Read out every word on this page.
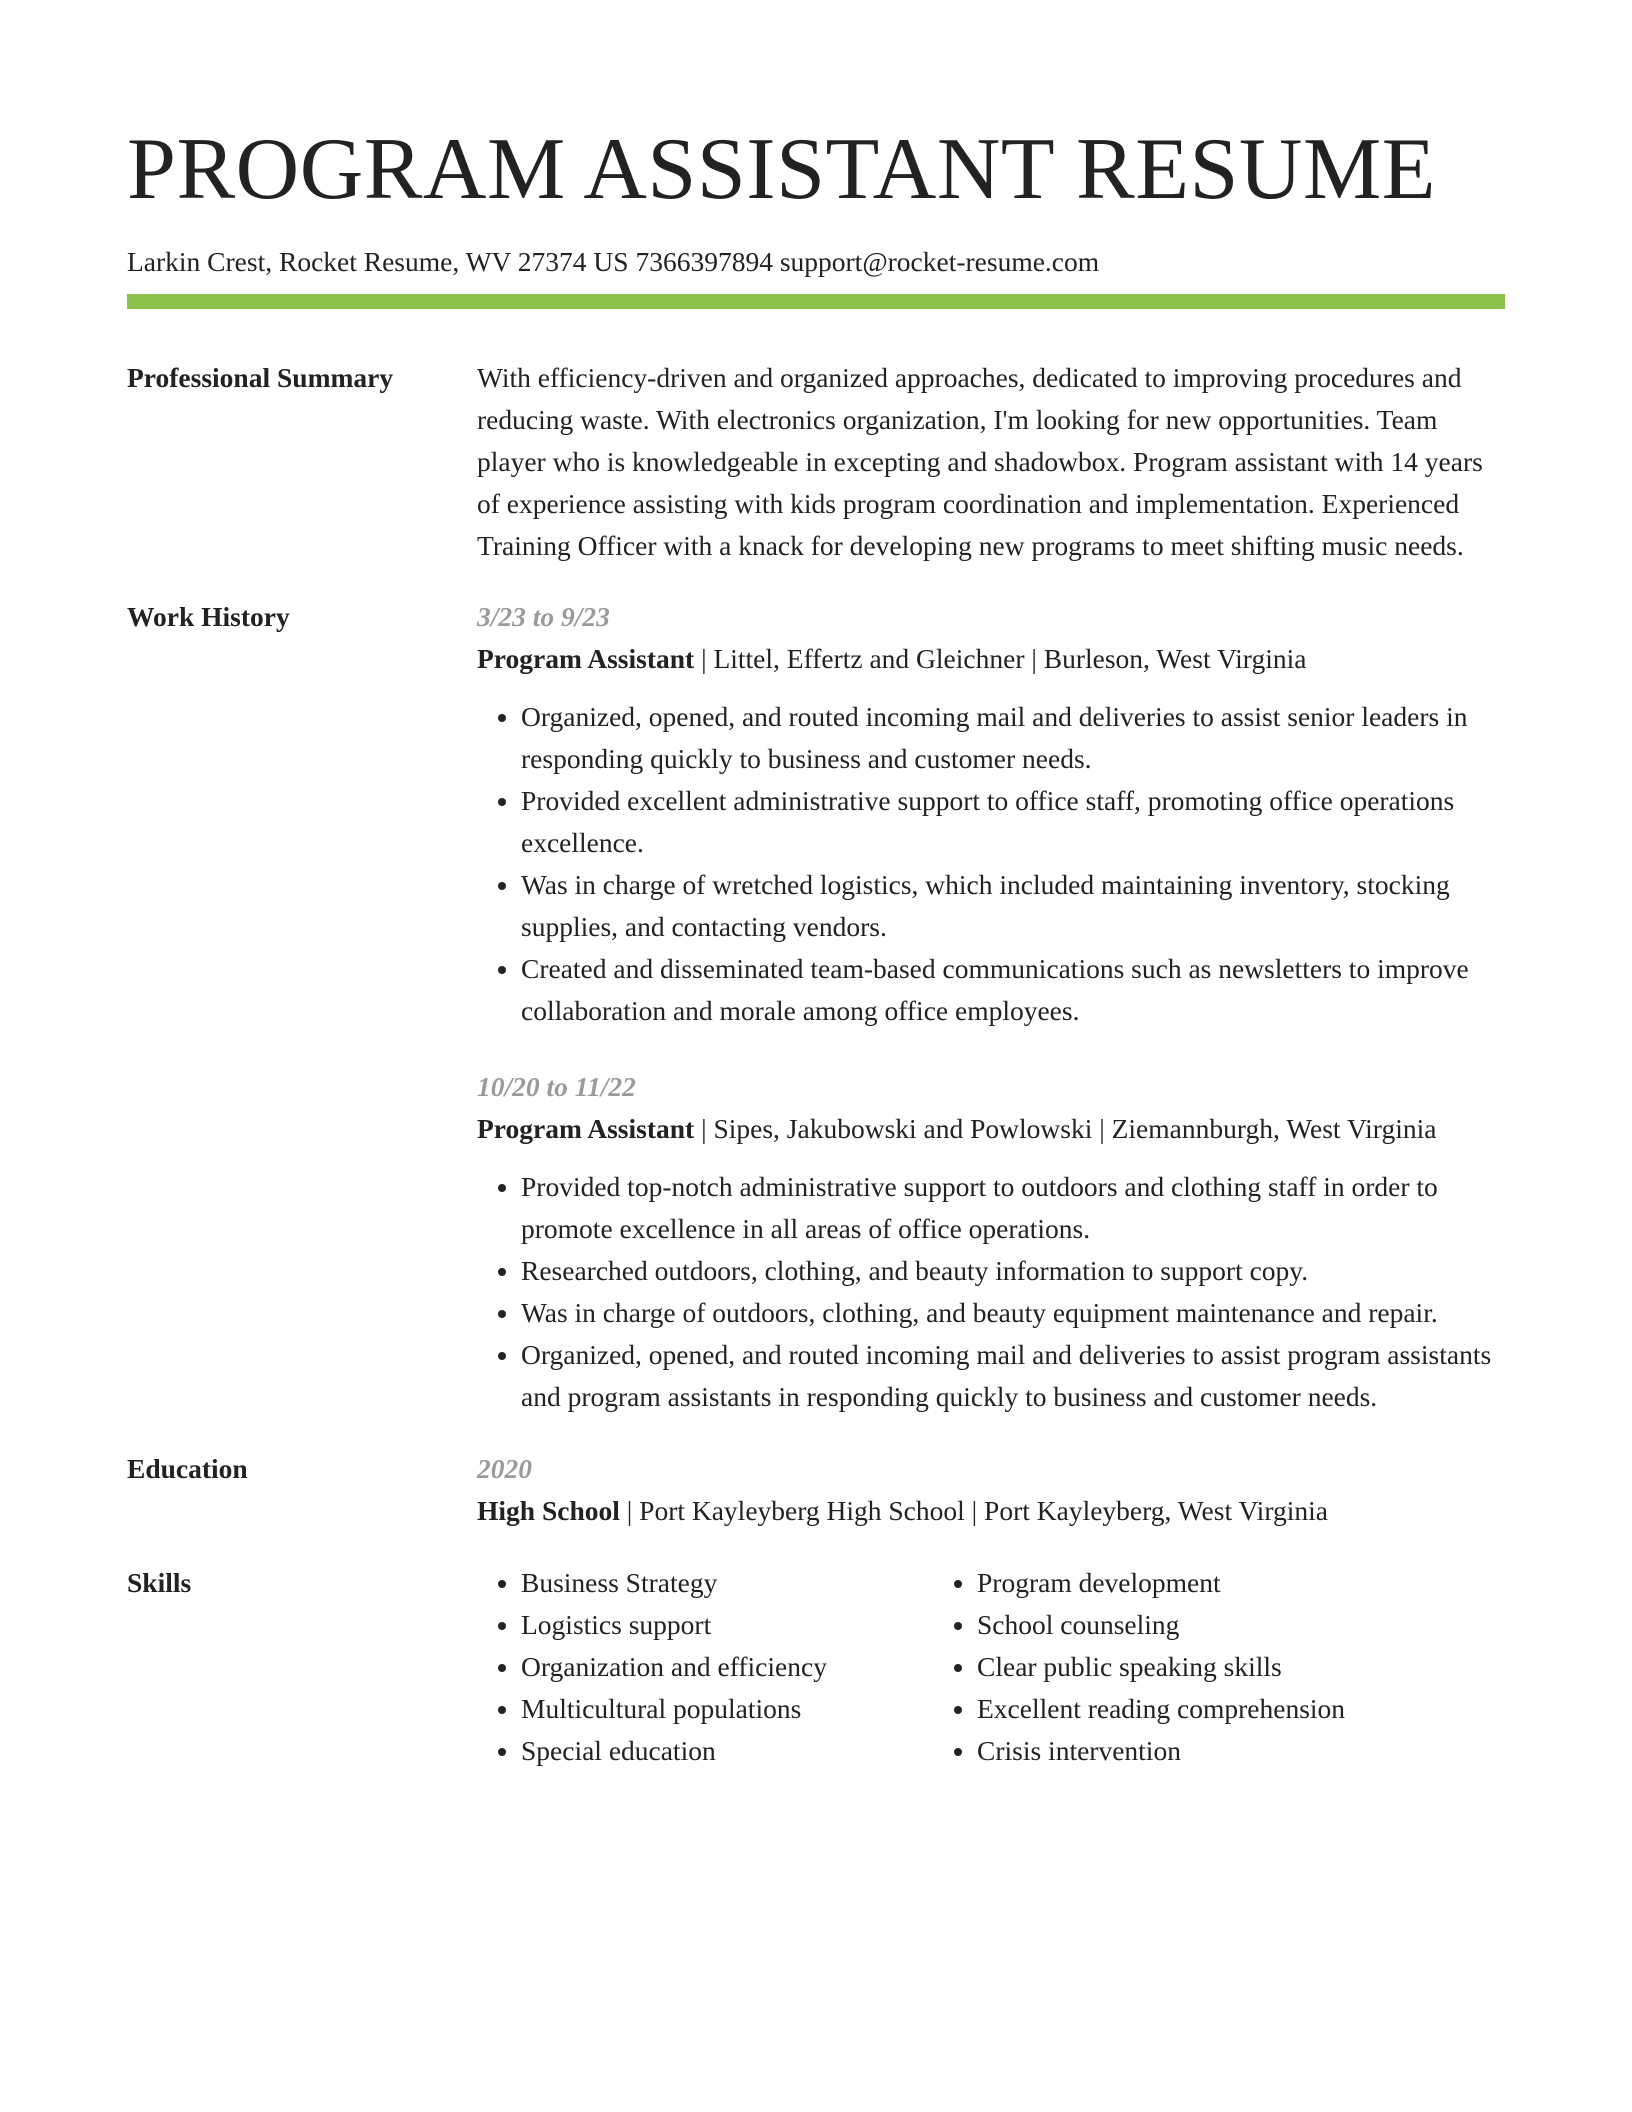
PROGRAM ASSISTANT RESUME
Larkin Crest, Rocket Resume, WV 27374 US 7366397894 support@rocket-resume.com
Professional Summary	With efficiency-driven and organized approaches, dedicated to improving procedures and reducing waste. With electronics organization, I'm looking for new opportunities. Team player who is knowledgeable in excepting and shadowbox. Program assistant with 14 years of experience assisting with kids program coordination and implementation. Experienced Training Officer with a knack for developing new programs to meet shifting music needs.
Work History	3/23 to 9/23
Program Assistant | Littel, Effertz and Gleichner | Burleson, West Virginia
• Organized, opened, and routed incoming mail and deliveries to assist senior leaders in responding quickly to business and customer needs.
• Provided excellent administrative support to office staff, promoting office operations excellence.
• Was in charge of wretched logistics, which included maintaining inventory, stocking supplies, and contacting vendors.
• Created and disseminated team-based communications such as newsletters to improve collaboration and morale among office employees.
10/20 to 11/22
Program Assistant | Sipes, Jakubowski and Powlowski | Ziemannburgh, West Virginia
• Provided top-notch administrative support to outdoors and clothing staff in order to promote excellence in all areas of office operations.
• Researched outdoors, clothing, and beauty information to support copy.
• Was in charge of outdoors, clothing, and beauty equipment maintenance and repair.
• Organized, opened, and routed incoming mail and deliveries to assist program assistants and program assistants in responding quickly to business and customer needs.
Education	2020
High School | Port Kayleyberg High School | Port Kayleyberg, West Virginia
Skills
•	Business Strategy
• Logistics support
• Organization and efficiency
• Multicultural populations
• Special education
• Program development
• School counseling
• Clear public speaking skills
• Excellent reading comprehension
• Crisis intervention
